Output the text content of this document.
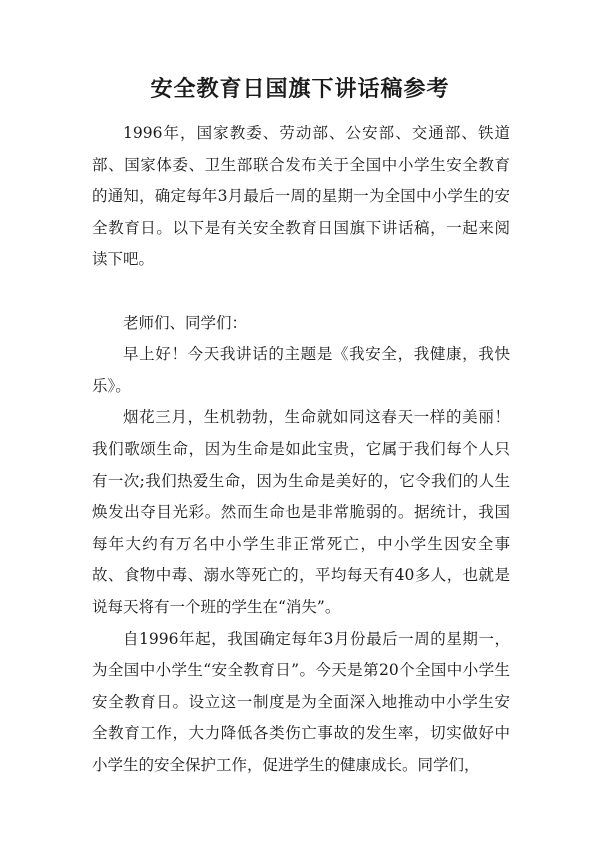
安全教育日国旗下讲话稿参考

1996年，国家教委、劳动部、公安部、交通部、铁道部、国家体委、卫生部联合发布关于全国中小学生安全教育的通知，确定每年3月最后一周的星期一为全国中小学生的安全教育日。以下是有关安全教育日国旗下讲话稿，一起来阅读下吧。

老师们、同学们：

早上好！今天我讲话的主题是《我安全，我健康，我快乐》。

烟花三月，生机勃勃，生命就如同这春天一样的美丽！我们歌颂生命，因为生命是如此宝贵，它属于我们每个人只有一次;我们热爱生命，因为生命是美好的，它令我们的人生焕发出夺目光彩。然而生命也是非常脆弱的。据统计，我国每年大约有万名中小学生非正常死亡，中小学生因安全事故、食物中毒、溺水等死亡的，平均每天有40多人，也就是说每天将有一个班的学生在“消失”。

自1996年起，我国确定每年3月份最后一周的星期一，为全国中小学生“安全教育日”。今天是第20个全国中小学生安全教育日。设立这一制度是为全面深入地推动中小学生安全教育工作，大力降低各类伤亡事故的发生率，切实做好中小学生的安全保护工作，促进学生的健康成长。同学们，
